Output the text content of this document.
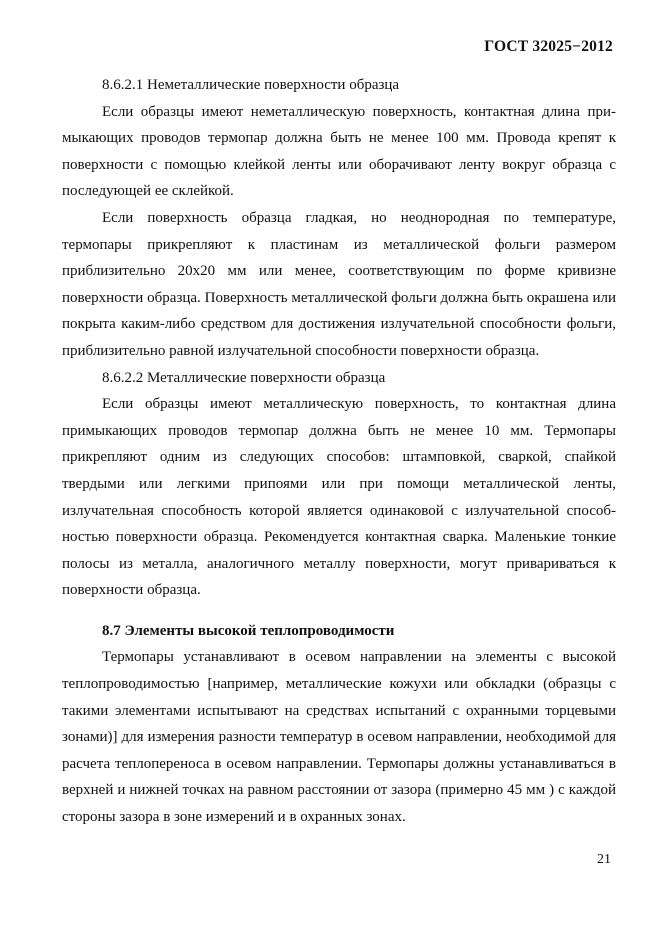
ГОСТ 32025−2012

8.6.2.1 Неметаллические поверхности образца

Если образцы имеют неметаллическую поверхность, контактная длина примыкающих проводов термопар должна быть не менее 100 мм. Провода крепят к поверхности с помощью клейкой ленты или оборачивают ленту вокруг образца с последующей ее склейкой.

Если поверхность образца гладкая, но неоднородная по температуре, термопары прикрепляют к пластинам из металлической фольги размером приблизительно 20х20 мм или менее, соответствующим по форме кривизне поверхности образца. Поверхность металлической фольги должна быть окрашена или покрыта каким-либо средством для достижения излучательной способности фольги, приблизительно равной излучательной способности поверхности образца.

8.6.2.2 Металлические поверхности образца

Если образцы имеют металлическую поверхность, то контактная длина примыкающих проводов термопар должна быть не менее 10 мм. Термопары прикрепляют одним из следующих способов: штамповкой, сваркой, спайкой твердыми или легкими припоями или при помощи металлической ленты, излучательная способность которой является одинаковой с излучательной способностью поверхности образца. Рекомендуется контактная сварка. Маленькие тонкие полосы из металла, аналогичного металлу поверхности, могут привариваться к поверхности образца.

8.7 Элементы высокой теплопроводимости

Термопары устанавливают в осевом направлении на элементы с высокой теплопроводимостью [например, металлические кожухи или обкладки (образцы с такими элементами испытывают на средствах испытаний с охранными торцевыми зонами)] для измерения разности температур в осевом направлении, необходимой для расчета теплопереноса в осевом направлении. Термопары должны устанавливаться в верхней и нижней точках на равном расстоянии от зазора (примерно 45 мм ) с каждой стороны зазора в зоне измерений и в охранных зонах.

21
